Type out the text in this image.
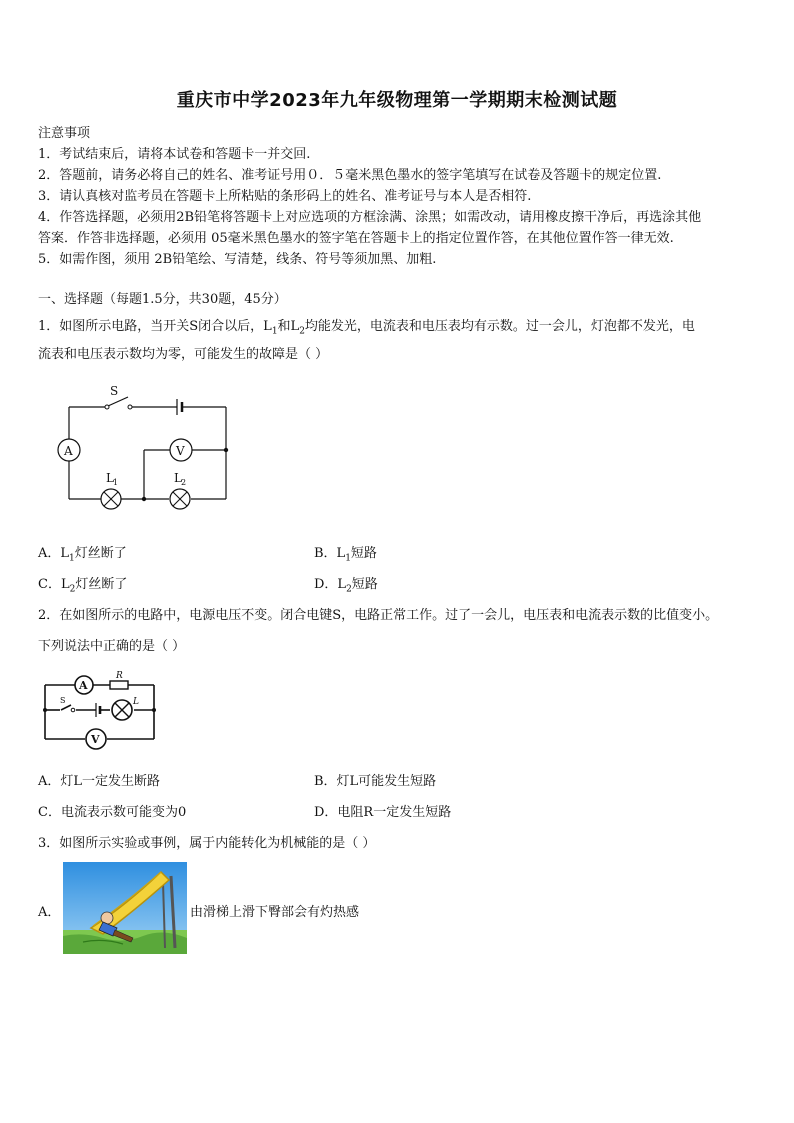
重庆市中学2023年九年级物理第一学期期末检测试题
注意事项
1．考试结束后，请将本试卷和答题卡一并交回.
2．答题前，请务必将自己的姓名、准考证号用０．５毫米黑色墨水的签字笔填写在试卷及答题卡的规定位置.
3．请认真核对监考员在答题卡上所粘贴的条形码上的姓名、准考证号与本人是否相符.
4．作答选择题，必须用2B铅笔将答题卡上对应选项的方框涂满、涂黑；如需改动，请用橡皮擦干净后，再选涂其他
答案．作答非选择题，必须用 05毫米黑色墨水的签字笔在答题卡上的指定位置作答，在其他位置作答一律无效.
5．如需作图，须用 2B铅笔绘、写清楚，线条、符号等须加黑、加粗.
一、选择题（每题1.5分，共30题，45分）
1．如图所示电路，当开关S闭合以后，$L_1$和$L_2$均能发光，电流表和电压表均有示数。过一会儿，灯泡都不发光，电
流表和电压表示数均为零，可能发生的故障是（ ）
S
A	V
L 1	L 2
A．$L_1$灯丝断了	B．$L_1$短路
C．$L_2$灯丝断了	D．$L_2$短路
2．在如图所示的电路中，电源电压不变。闭合电键S，电路正常工作。过了一会儿，电压表和电流表示数的比值变小。
下列说法中正确的是（ ）
A
R
S	L
V
A．灯L一定发生断路	B．灯L可能发生短路
C．电流表示数可能变为0	D．电阻R一定发生短路
3．如图所示实验或事例，属于内能转化为机械能的是（ ）
A．	由滑梯上滑下臀部会有灼热感
